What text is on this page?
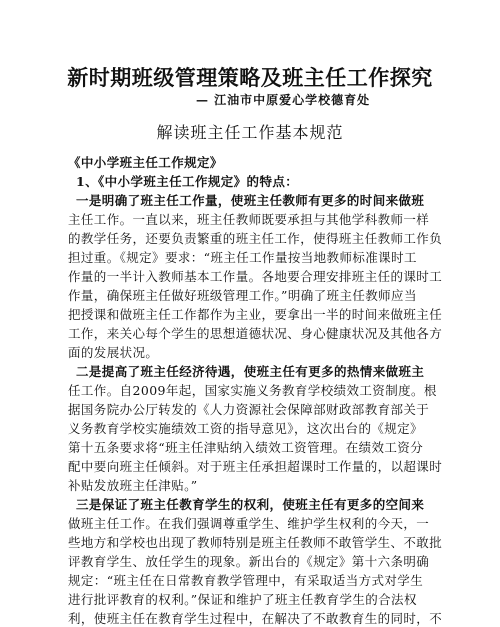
新时期班级管理策略及班主任工作探究
— 江油市中原爱心学校德育处
解读班主任工作基本规范
《中小学班主任工作规定》
1、《中小学班主任工作规定》的特点：
一是明确了班主任工作量，使班主任教师有更多的时间来做班
主任工作。一直以来，班主任教师既要承担与其他学科教师一样
的教学任务，还要负责繁重的班主任工作，使得班主任教师工作负
担过重。《规定》要求：“班主任工作量按当地教师标准课时工
作量的一半计入教师基本工作量。各地要合理安排班主任的课时工
作量，确保班主任做好班级管理工作。”明确了班主任教师应当
把授课和做班主任工作都作为主业，要拿出一半的时间来做班主任
工作，来关心每个学生的思想道德状况、身心健康状况及其他各方
面的发展状况。
二是提高了班主任经济待遇，使班主任有更多的热情来做班主
任工作。自2009年起，国家实施义务教育学校绩效工资制度。根
据国务院办公厅转发的《人力资源社会保障部财政部教育部关于
义务教育学校实施绩效工资的指导意见》，这次出台的《规定》
第十五条要求将“班主任津贴纳入绩效工资管理。在绩效工资分
配中要向班主任倾斜。对于班主任承担超课时工作量的，以超课时
补贴发放班主任津贴。”
三是保证了班主任教育学生的权利，使班主任有更多的空间来
做班主任工作。在我们强调尊重学生、维护学生权利的今天，一
些地方和学校也出现了教师特别是班主任教师不敢管学生、不敢批
评教育学生、放任学生的现象。新出台的《规定》第十六条明确
规定：“班主任在日常教育教学管理中，有采取适当方式对学生
进行批评教育的权利。”保证和维护了班主任教育学生的合法权
利，使班主任在教育学生过程中，在解决了不敢教育生的同时，不
